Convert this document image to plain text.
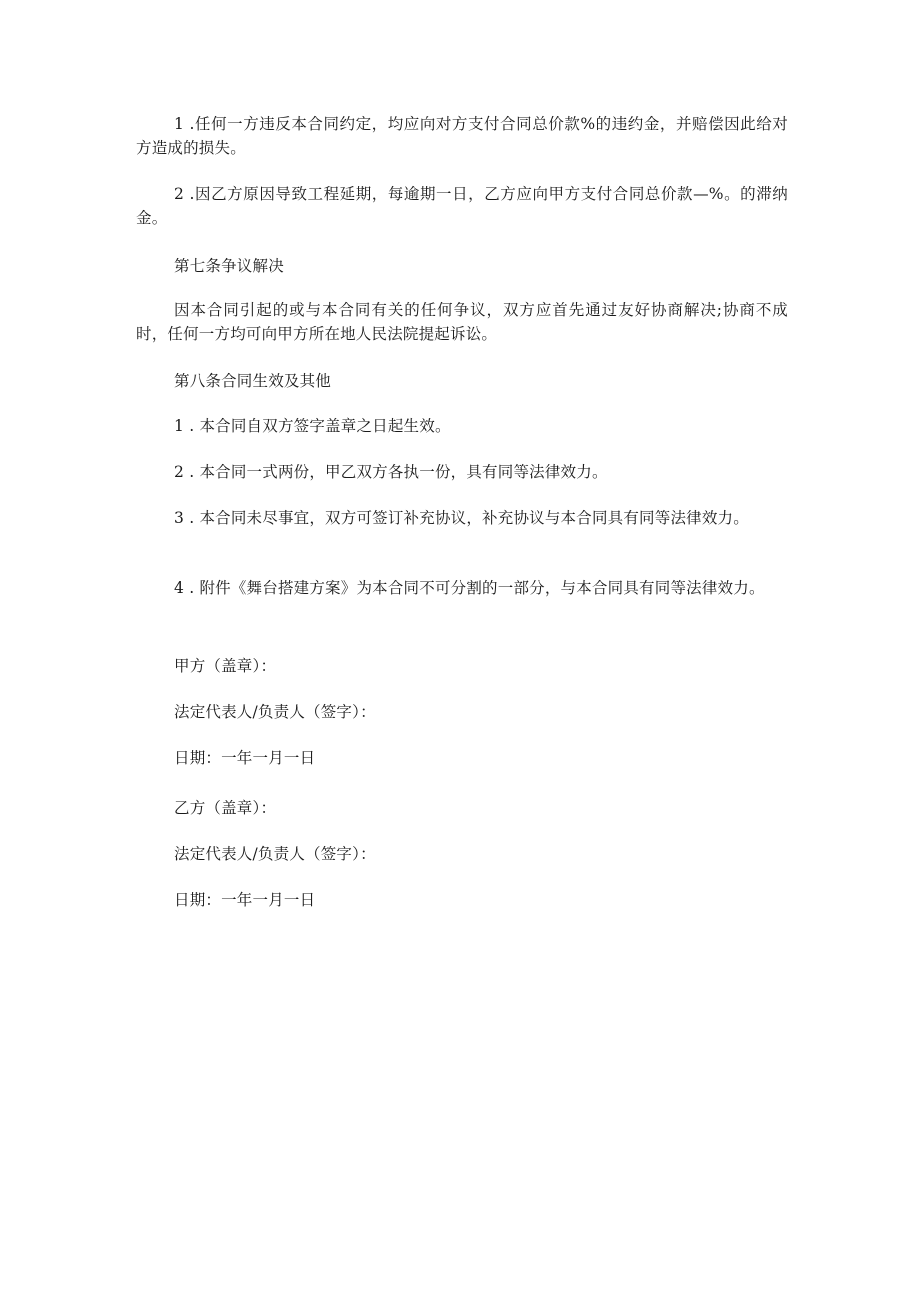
1 .任何一方违反本合同约定，均应向对方支付合同总价款%的违约金，并赔偿因此给对方造成的损失。

2 .因乙方原因导致工程延期，每逾期一日，乙方应向甲方支付合同总价款—%。的滞纳金。

第七条争议解决

因本合同引起的或与本合同有关的任何争议，双方应首先通过友好协商解决;协商不成时，任何一方均可向甲方所在地人民法院提起诉讼。

第八条合同生效及其他

1 . 本合同自双方签字盖章之日起生效。

2 . 本合同一式两份，甲乙双方各执一份，具有同等法律效力。

3 . 本合同未尽事宜，双方可签订补充协议，补充协议与本合同具有同等法律效力。

4 . 附件《舞台搭建方案》为本合同不可分割的一部分，与本合同具有同等法律效力。

甲方（盖章）：

法定代表人/负责人（签字）：

日期：一年一月一日

乙方（盖章）：

法定代表人/负责人（签字）：

日期：一年一月一日
